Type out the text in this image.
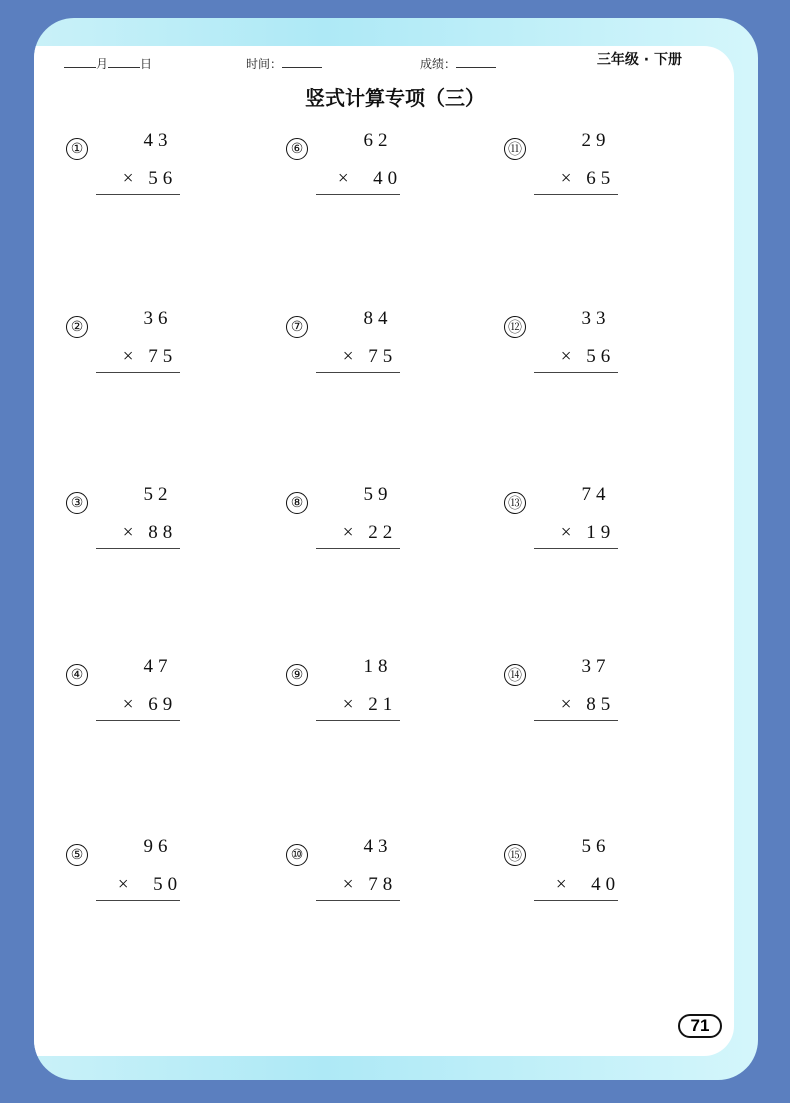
月	日	时间：	成绩：	三年级 · 下册
竖式计算专项（三）
①	43
× 56
②	36
× 75
③	52
× 88
④	47
× 69
⑤	96
×  50
⑥	62
×  40
⑦	84
× 75
⑧	59
× 22
⑨	18
× 21
⑩	43
× 78
⑪	29
× 65
⑫	33
× 56
⑬	74
× 19
⑭	37
× 85
⑮	56
×  40
71
